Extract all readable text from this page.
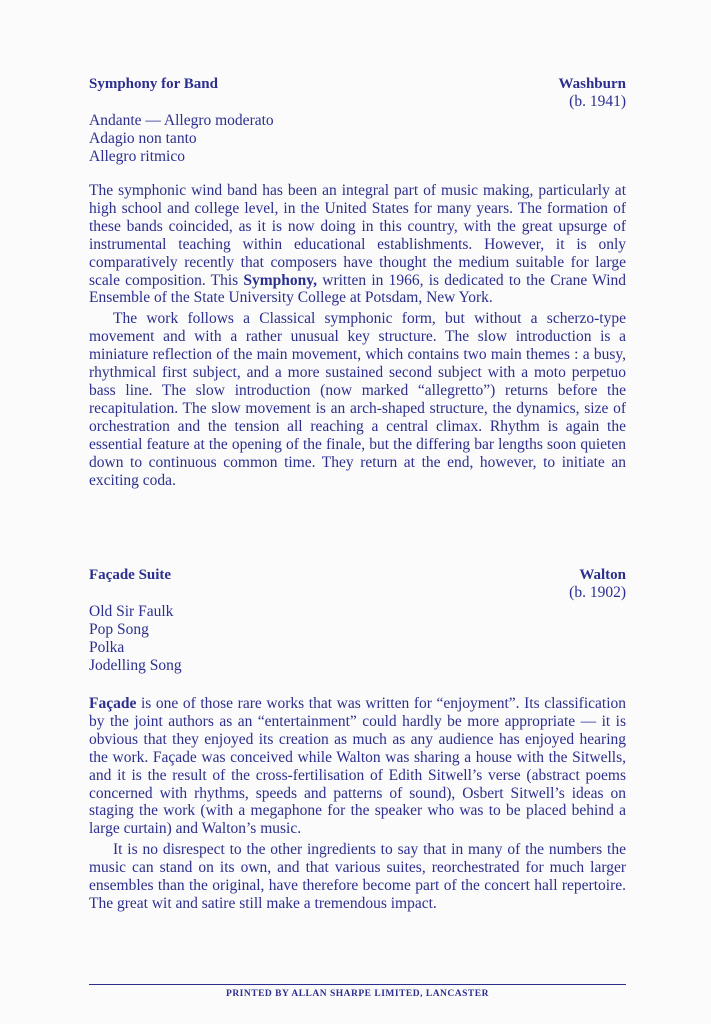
Symphony for Band	Washburn
(b. 1941)
Andante — Allegro moderato
Adagio non tanto
Allegro ritmico

The symphonic wind band has been an integral part of music making, particularly at high school and college level, in the United States for many years. The formation of these bands coincided, as it is now doing in this country, with the great upsurge of instrumental teaching within educational establishments. However, it is only comparatively recently that composers have thought the medium suitable for large scale composition. This Symphony, written in 1966, is dedicated to the Crane Wind Ensemble of the State University College at Potsdam, New York.

The work follows a Classical symphonic form, but without a scherzo-type movement and with a rather unusual key structure. The slow introduction is a miniature reflection of the main movement, which contains two main themes : a busy, rhythmical first subject, and a more sustained second subject with a moto perpetuo bass line. The slow introduction (now marked “allegretto”) returns before the recapitulation. The slow movement is an arch-shaped structure, the dynamics, size of orchestration and the tension all reaching a central climax. Rhythm is again the essential feature at the opening of the finale, but the differing bar lengths soon quieten down to continuous common time. They return at the end, however, to initiate an exciting coda.

Façade Suite	Walton
(b. 1902)
Old Sir Faulk
Pop Song
Polka
Jodelling Song

Façade is one of those rare works that was written for “enjoyment”. Its classification by the joint authors as an “entertainment” could hardly be more appropriate — it is obvious that they enjoyed its creation as much as any audience has enjoyed hearing the work. Façade was conceived while Walton was sharing a house with the Sitwells, and it is the result of the cross-fertilisation of Edith Sitwell’s verse (abstract poems concerned with rhythms, speeds and patterns of sound), Osbert Sitwell’s ideas on staging the work (with a megaphone for the speaker who was to be placed behind a large curtain) and Walton’s music.

It is no disrespect to the other ingredients to say that in many of the numbers the music can stand on its own, and that various suites, reorchestrated for much larger ensembles than the original, have therefore become part of the concert hall repertoire. The great wit and satire still make a tremendous impact.

PRINTED BY ALLAN SHARPE LIMITED, LANCASTER
